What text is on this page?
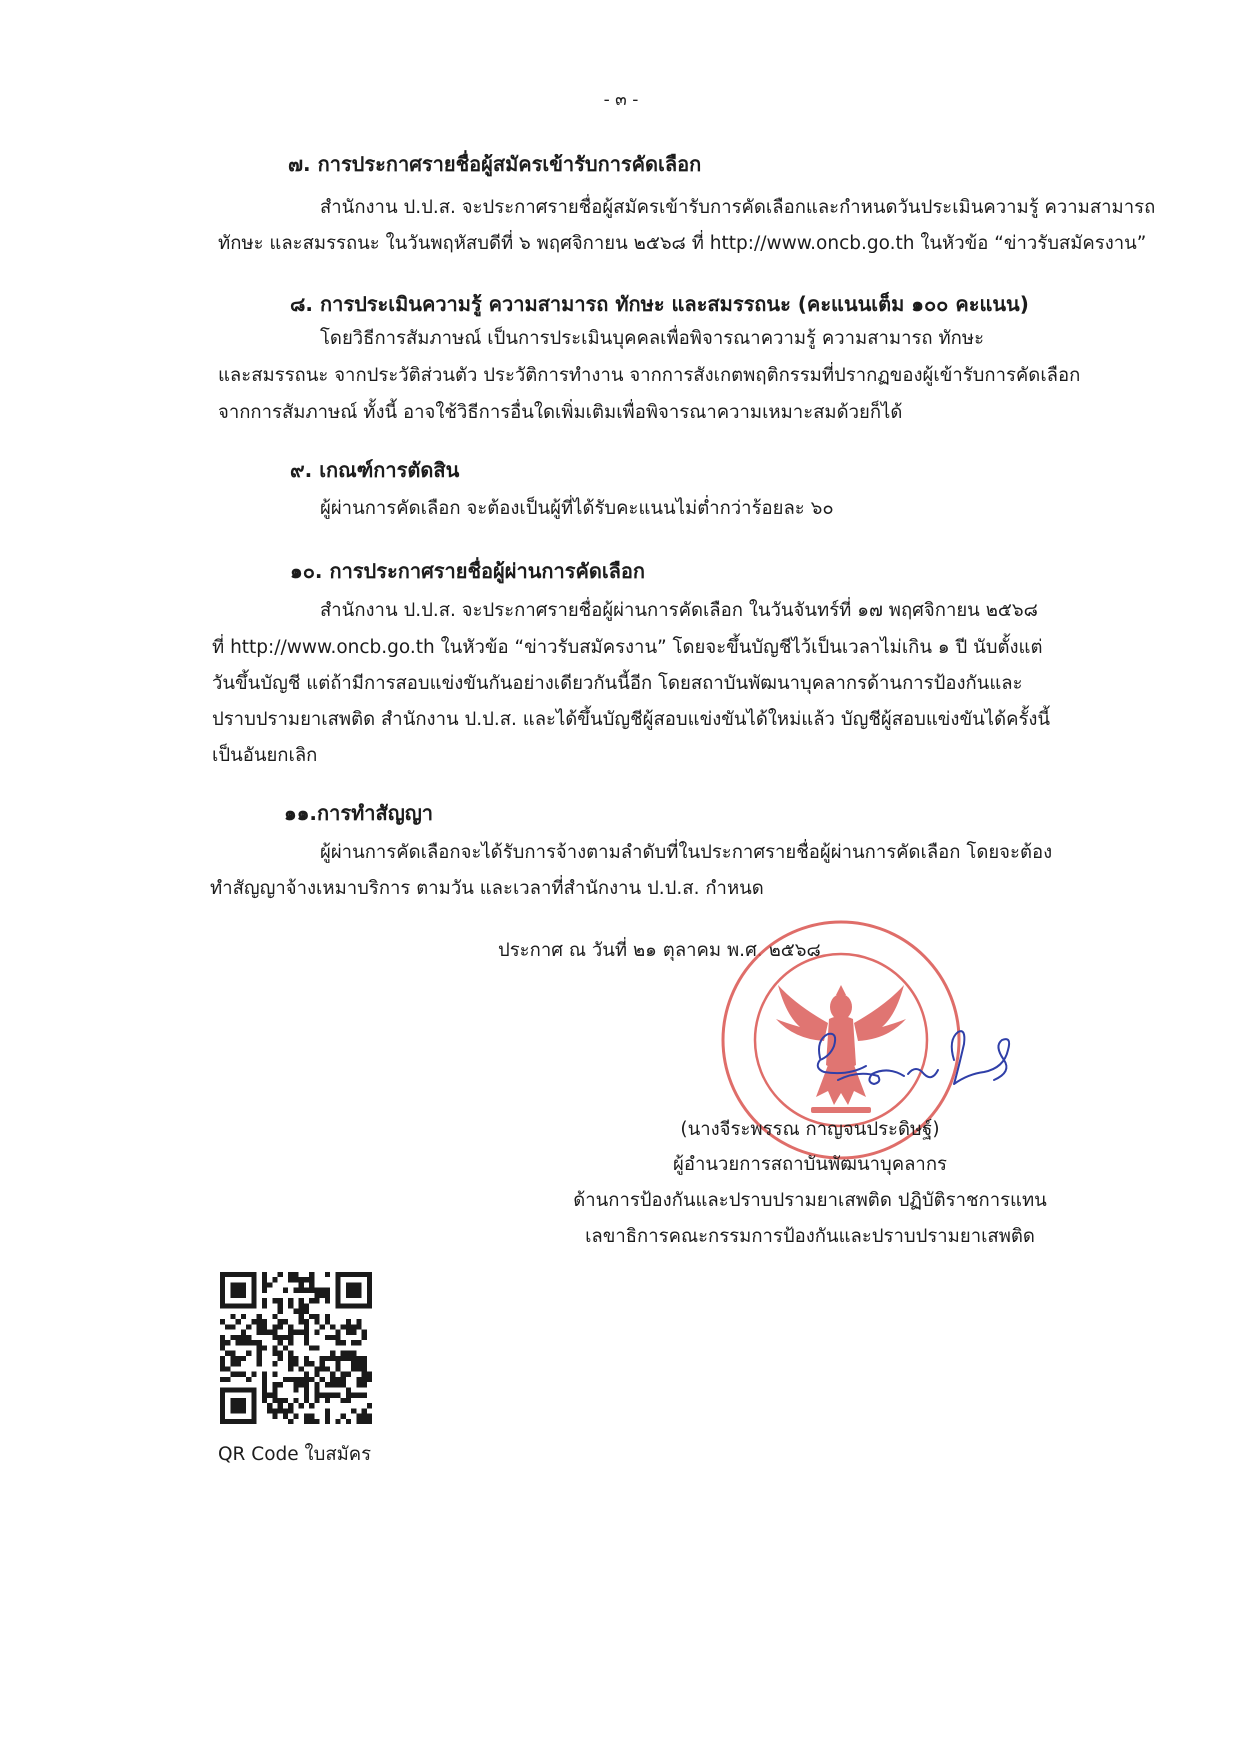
- ๓ -
๗. การประกาศรายชื่อผู้สมัครเข้ารับการคัดเลือก
สำนักงาน ป.ป.ส. จะประกาศรายชื่อผู้สมัครเข้ารับการคัดเลือกและกำหนดวันประเมินความรู้ ความสามารถ
ทักษะ และสมรรถนะ ในวันพฤหัสบดีที่ ๖ พฤศจิกายน ๒๕๖๘ ที่ http://www.oncb.go.th ในหัวข้อ “ข่าวรับสมัครงาน”
๘. การประเมินความรู้ ความสามารถ ทักษะ และสมรรถนะ (คะแนนเต็ม ๑๐๐ คะแนน)
โดยวิธีการสัมภาษณ์ เป็นการประเมินบุคคลเพื่อพิจารณาความรู้ ความสามารถ ทักษะ
และสมรรถนะ จากประวัติส่วนตัว ประวัติการทำงาน จากการสังเกตพฤติกรรมที่ปรากฏของผู้เข้ารับการคัดเลือก
จากการสัมภาษณ์ ทั้งนี้ อาจใช้วิธีการอื่นใดเพิ่มเติมเพื่อพิจารณาความเหมาะสมด้วยก็ได้
๙. เกณฑ์การตัดสิน
ผู้ผ่านการคัดเลือก จะต้องเป็นผู้ที่ได้รับคะแนนไม่ต่ำกว่าร้อยละ ๖๐
๑๐. การประกาศรายชื่อผู้ผ่านการคัดเลือก
สำนักงาน ป.ป.ส. จะประกาศรายชื่อผู้ผ่านการคัดเลือก ในวันจันทร์ที่ ๑๗ พฤศจิกายน ๒๕๖๘
ที่ http://www.oncb.go.th ในหัวข้อ “ข่าวรับสมัครงาน” โดยจะขึ้นบัญชีไว้เป็นเวลาไม่เกิน ๑ ปี นับตั้งแต่
วันขึ้นบัญชี แต่ถ้ามีการสอบแข่งขันกันอย่างเดียวกันนี้อีก โดยสถาบันพัฒนาบุคลากรด้านการป้องกันและ
ปราบปรามยาเสพติด สำนักงาน ป.ป.ส. และได้ขึ้นบัญชีผู้สอบแข่งขันได้ใหม่แล้ว บัญชีผู้สอบแข่งขันได้ครั้งนี้
เป็นอันยกเลิก
๑๑.การทำสัญญา
ผู้ผ่านการคัดเลือกจะได้รับการจ้างตามลำดับที่ในประกาศรายชื่อผู้ผ่านการคัดเลือก โดยจะต้อง
ทำสัญญาจ้างเหมาบริการ ตามวัน และเวลาที่สำนักงาน ป.ป.ส. กำหนด
ประกาศ ณ วันที่ ๒๑ ตุลาคม พ.ศ. ๒๕๖๘
(นางจีระพรรณ กาญจนประดิษฐ์)
ผู้อำนวยการสถาบันพัฒนาบุคลากร
ด้านการป้องกันและปราบปรามยาเสพติด ปฏิบัติราชการแทน
เลขาธิการคณะกรรมการป้องกันและปราบปรามยาเสพติด
QR Code ใบสมัคร
